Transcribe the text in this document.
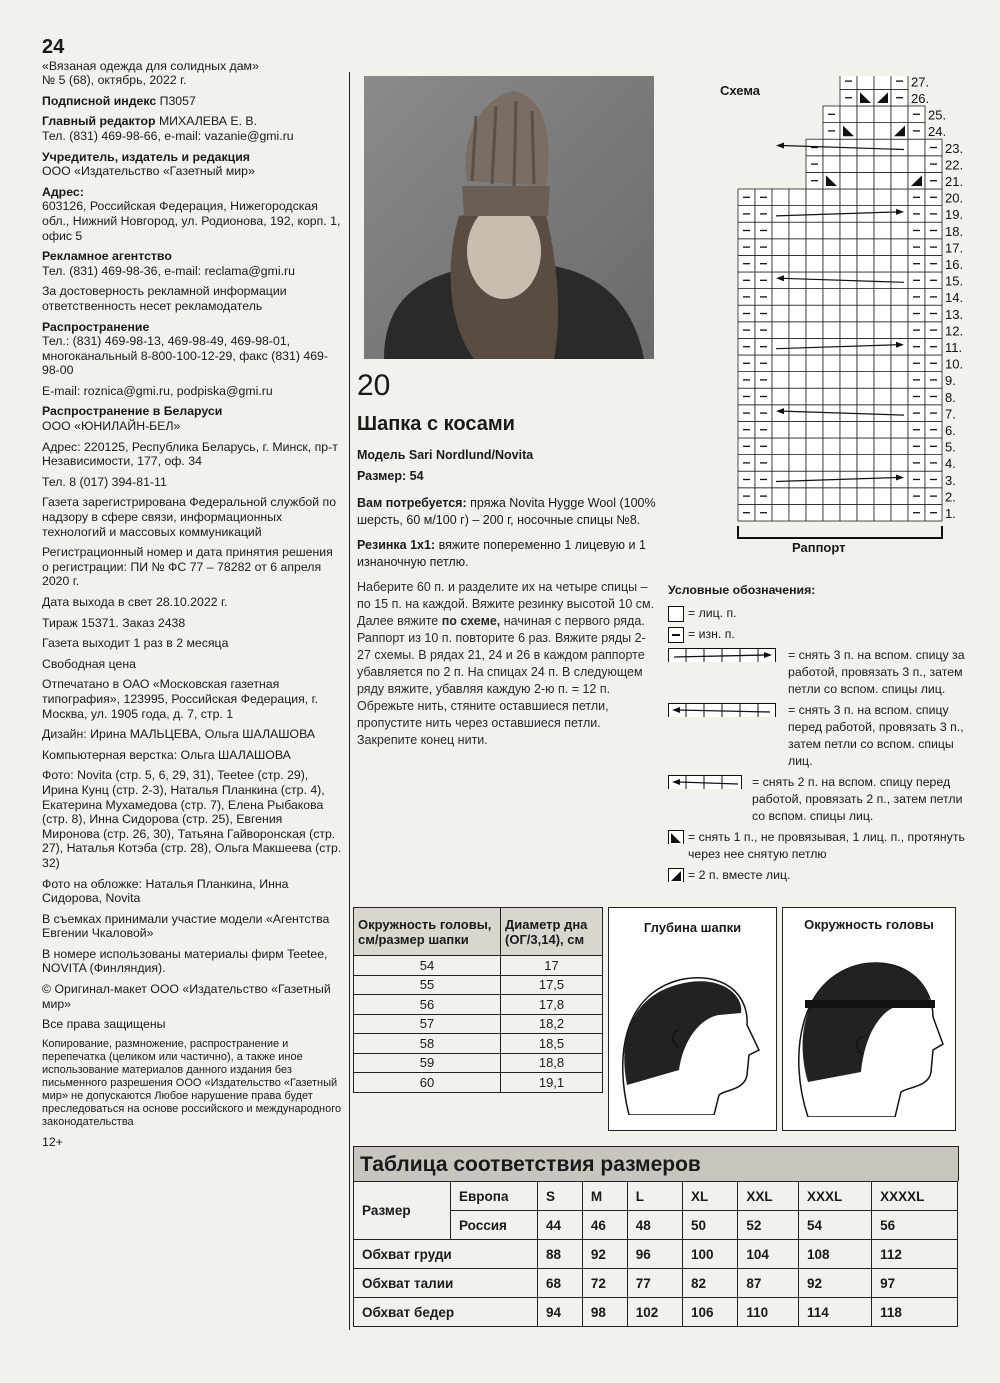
24

«Вязаная одежда для солидных дам»
№ 5 (68), октябрь, 2022 г.

Подписной индекс П3057

Главный редактор МИХАЛЕВА Е. В.
Тел. (831) 469-98-66, e-mail: vazanie@gmi.ru

Учредитель, издатель и редакция
ООО «Издательство «Газетный мир»

Адрес:
603126, Российская Федерация, Нижегородская обл., Нижний Новгород, ул. Родионова, 192, корп. 1, офис 5

Рекламное агентство
Тел. (831) 469-98-36, e-mail: reclama@gmi.ru

За достоверность рекламной информации ответственность несет рекламодатель

Распространение
Тел.: (831) 469-98-13, 469-98-49, 469-98-01, многоканальный 8-800-100-12-29, факс (831) 469-98-00

E-mail: roznica@gmi.ru, podpiska@gmi.ru

Распространение в Беларуси
ООО «ЮНИЛАЙН-БЕЛ»

Адрес: 220125, Республика Беларусь, г. Минск, пр-т Независимости, 177, оф. 34

Тел. 8 (017) 394-81-11

Газета зарегистрирована Федеральной службой по надзору в сфере связи, информационных технологий и массовых коммуникаций

Регистрационный номер и дата принятия решения о регистрации: ПИ № ФС 77 – 78282 от 6 апреля 2020 г.

Дата выхода в свет 28.10.2022 г.

Тираж 15371. Заказ 2438

Газета выходит 1 раз в 2 месяца

Свободная цена

Отпечатано в ОАО «Московская газетная типография», 123995, Российская Федерация, г. Москва, ул. 1905 года, д. 7, стр. 1

Дизайн: Ирина МАЛЬЦЕВА, Ольга ШАЛАШОВА

Компьютерная верстка: Ольга ШАЛАШОВА

Фото: Novita (стр. 5, 6, 29, 31), Teetee (стр. 29), Ирина Кунц (стр. 2-3), Наталья Планкина (стр. 4), Екатерина Мухамедова (стр. 7), Елена Рыбакова (стр. 8), Инна Сидорова (стр. 25), Евгения Миронова (стр. 26, 30), Татьяна Гайворонская (стр. 27), Наталья Котэба (стр. 28), Ольга Макшеева (стр. 32)

Фото на обложке: Наталья Планкина, Инна Сидорова, Novita

В съемках принимали участие модели «Агентства Евгении Чкаловой»

В номере использованы материалы фирм Teetee, NOVITA (Финляндия).

© Оригинал-макет ООО «Издательство «Газетный мир»

Все права защищены

Копирование, размножение, распространение и перепечатка (целиком или частично), а также иное использование материалов данного издания без письменного разрешения ООО «Издательство «Газетный мир» не допускаются Любое нарушение права будет преследоваться на основе российского и международного законодательства

12+

20
Шапка с косами

Модель Sari Nordlund/Novita

Размер: 54

Вам потребуется: пряжа Novita Hygge Wool (100% шерсть, 60 м/100 г) – 200 г, носочные спицы №8.

Резинка 1х1: вяжите попеременно 1 лицевую и 1 изнаночную петлю.

Наберите 60 п. и разделите их на четыре спицы – по 15 п. на каждой. Вяжите резинку высотой 10 см. Далее вяжите по схеме, начиная с первого ряда. Раппорт из 10 п. повторите 6 раз. Вяжите ряды 2-27 схемы. В рядах 21, 24 и 26 в каждом раппорте убавляется по 2 п. На спицах 24 п. В следующем ряду вяжите, убавляя каждую 2-ю п. = 12 п. Обрежьте нить, стяните оставшиеся петли, пропустите нить через оставшиеся петли. Закрепите конец нити.

Схема
1.
2.
3.
4.
5.
6.
7.
8.
9.
10.
11.
12.
13.
14.
15.
16.
17.
18.
19.
20.
21.
22.
23.
24.
25.
26.
27.
Раппорт
Условные обозначения:
= лиц. п.
= изн. п.
= снять 3 п. на вспом. спицу за работой, провязать 3 п., затем петли со вспом. спицы лиц.
= снять 3 п. на вспом. спицу перед работой, провязать 3 п., затем петли со вспом. спицы лиц.
= снять 2 п. на вспом. спицу перед работой, провязать 2 п., затем петли со вспом. спицы лиц.
= снять 1 п., не провязывая, 1 лиц. п., протянуть через нее снятую петлю
= 2 п. вместе лиц.
Окружность головы, см/размер шапки	Диаметр дна (ОГ/3,14), см
54	17
55	17,5
56	17,8
57	18,2
58	18,5
59	18,8
60	19,1
Глубина шапки	Окружность головы
Таблица соответствия размеров
Размер	Европа	S	M	L	XL	XXL	XXXL	XXXXL
	Россия	44	46	48	50	52	54	56
Обхват груди		88	92	96	100	104	108	112
Обхват талии		68	72	77	82	87	92	97
Обхват бедер		94	98	102	106	110	114	118
